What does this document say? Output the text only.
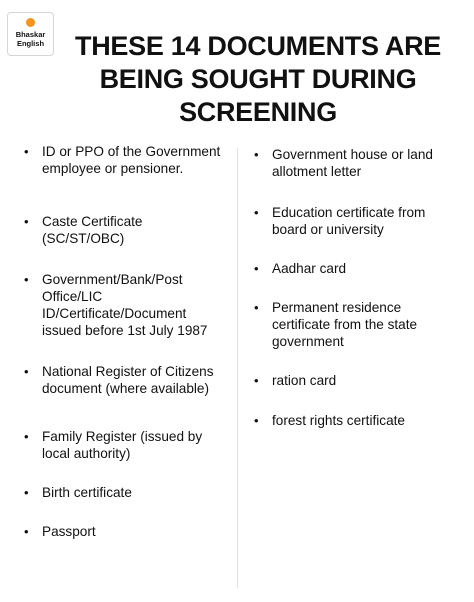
Bhaskar
English	THESE 14 DOCUMENTS ARE
BEING SOUGHT DURING
SCREENING
• ID or PPO of the Government employee or pensioner.
• Caste Certificate (SC/ST/OBC)
• Government/Bank/Post Office/LIC ID/Certificate/Document issued before 1st July 1987
• National Register of Citizens document (where available)
• Family Register (issued by local authority)
• Birth certificate
• Passport
• Government house or land allotment letter
• Education certificate from board or university
• Aadhar card
• Permanent residence certificate from the state government
• ration card
• forest rights certificate
